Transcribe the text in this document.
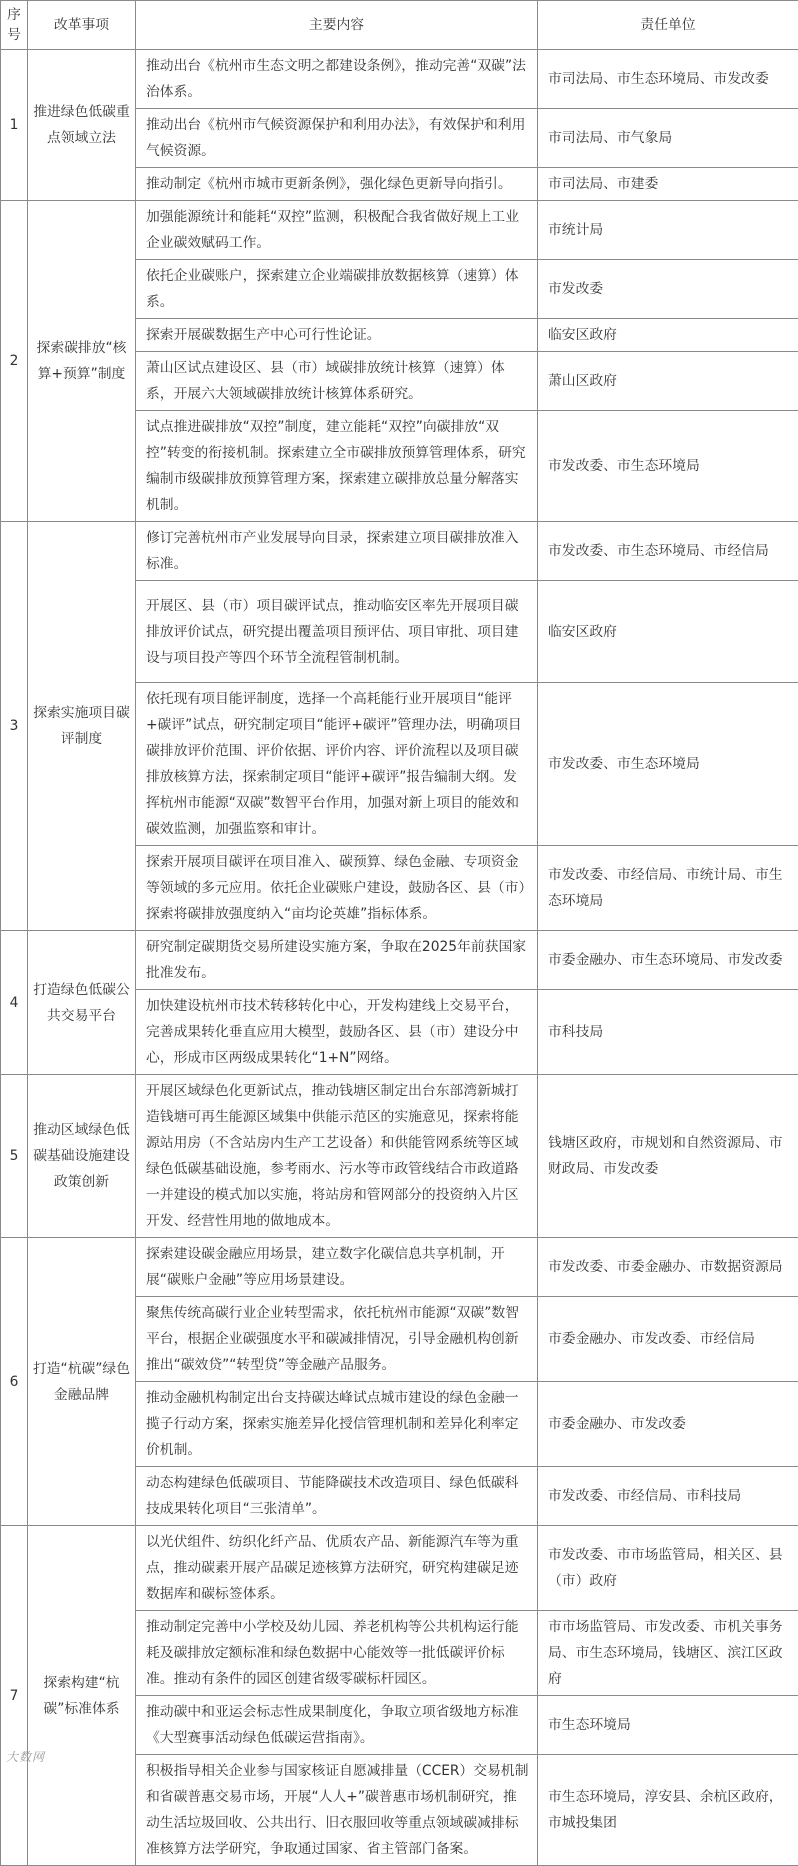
序号	改革事项	主要内容	责任单位
1	推进绿色低碳重点领域立法	推动出台《杭州市生态文明之都建设条例》，推动完善“双碳”法治体系。	市司法局、市生态环境局、市发改委
		推动出台《杭州市气候资源保护和利用办法》，有效保护和利用气候资源。	市司法局、市气象局
		推动制定《杭州市城市更新条例》，强化绿色更新导向指引。	市司法局、市建委
2	探索碳排放“核算+预算”制度	加强能源统计和能耗“双控”监测，积极配合我省做好规上工业企业碳效赋码工作。	市统计局
		依托企业碳账户，探索建立企业端碳排放数据核算（速算）体系。	市发改委
		探索开展碳数据生产中心可行性论证。	临安区政府
		萧山区试点建设区、县（市）域碳排放统计核算（速算）体系，开展六大领域碳排放统计核算体系研究。	萧山区政府
		试点推进碳排放“双控”制度，建立能耗“双控”向碳排放“双控”转变的衔接机制。探索建立全市碳排放预算管理体系，研究编制市级碳排放预算管理方案，探索建立碳排放总量分解落实机制。	市发改委、市生态环境局
3	探索实施项目碳评制度	修订完善杭州市产业发展导向目录，探索建立项目碳排放准入标准。	市发改委、市生态环境局、市经信局
		开展区、县（市）项目碳评试点，推动临安区率先开展项目碳排放评价试点，研究提出覆盖项目预评估、项目审批、项目建设与项目投产等四个环节全流程管制机制。	临安区政府
		依托现有项目能评制度，选择一个高耗能行业开展项目“能评+碳评”试点，研究制定项目“能评+碳评”管理办法，明确项目碳排放评价范围、评价依据、评价内容、评价流程以及项目碳排放核算方法，探索制定项目“能评+碳评”报告编制大纲。发挥杭州市能源“双碳”数智平台作用，加强对新上项目的能效和碳效监测，加强监察和审计。	市发改委、市生态环境局
		探索开展项目碳评在项目准入、碳预算、绿色金融、专项资金等领域的多元应用。依托企业碳账户建设，鼓励各区、县（市）探索将碳排放强度纳入“亩均论英雄”指标体系。	市发改委、市经信局、市统计局、市生态环境局
4	打造绿色低碳公共交易平台	研究制定碳期货交易所建设实施方案，争取在2025年前获国家批准发布。	市委金融办、市生态环境局、市发改委
		加快建设杭州市技术转移转化中心，开发构建线上交易平台，完善成果转化垂直应用大模型，鼓励各区、县（市）建设分中心，形成市区两级成果转化“1+N”网络。	市科技局
5	推动区域绿色低碳基础设施建设政策创新	开展区域绿色化更新试点，推动钱塘区制定出台东部湾新城打造钱塘可再生能源区域集中供能示范区的实施意见，探索将能源站用房（不含站房内生产工艺设备）和供能管网系统等区域绿色低碳基础设施，参考雨水、污水等市政管线结合市政道路一并建设的模式加以实施，将站房和管网部分的投资纳入片区开发、经营性用地的做地成本。	钱塘区政府，市规划和自然资源局、市财政局、市发改委
6	打造“杭碳”绿色金融品牌	探索建设碳金融应用场景，建立数字化碳信息共享机制，开展“碳账户金融”等应用场景建设。	市发改委、市委金融办、市数据资源局
		聚焦传统高碳行业企业转型需求，依托杭州市能源“双碳”数智平台，根据企业碳强度水平和碳减排情况，引导金融机构创新推出“碳效贷”“转型贷”等金融产品服务。	市委金融办、市发改委、市经信局
		推动金融机构制定出台支持碳达峰试点城市建设的绿色金融一揽子行动方案，探索实施差异化授信管理机制和差异化利率定价机制。	市委金融办、市发改委
		动态构建绿色低碳项目、节能降碳技术改造项目、绿色低碳科技成果转化项目“三张清单”。	市发改委、市经信局、市科技局
7	探索构建“杭碳”标准体系	以光伏组件、纺织化纤产品、优质农产品、新能源汽车等为重点，推动碳素开展产品碳足迹核算方法研究，研究构建碳足迹数据库和碳标签体系。	市发改委、市市场监管局，相关区、县（市）政府
		推动制定完善中小学校及幼儿园、养老机构等公共机构运行能耗及碳排放定额标准和绿色数据中心能效等一批低碳评价标准。推动有条件的园区创建省级零碳标杆园区。	市市场监管局、市发改委、市机关事务局、市生态环境局，钱塘区、滨江区政府
		推动碳中和亚运会标志性成果制度化，争取立项省级地方标准《大型赛事活动绿色低碳运营指南》。	市生态环境局
		积极指导相关企业参与国家核证自愿减排量（CCER）交易机制和省碳普惠交易市场，开展“人人+”碳普惠市场机制研究，推动生活垃圾回收、公共出行、旧衣服回收等重点领域碳减排标准核算方法学研究，争取通过国家、省主管部门备案。	市生态环境局，淳安县、余杭区政府，市城投集团
大数网
